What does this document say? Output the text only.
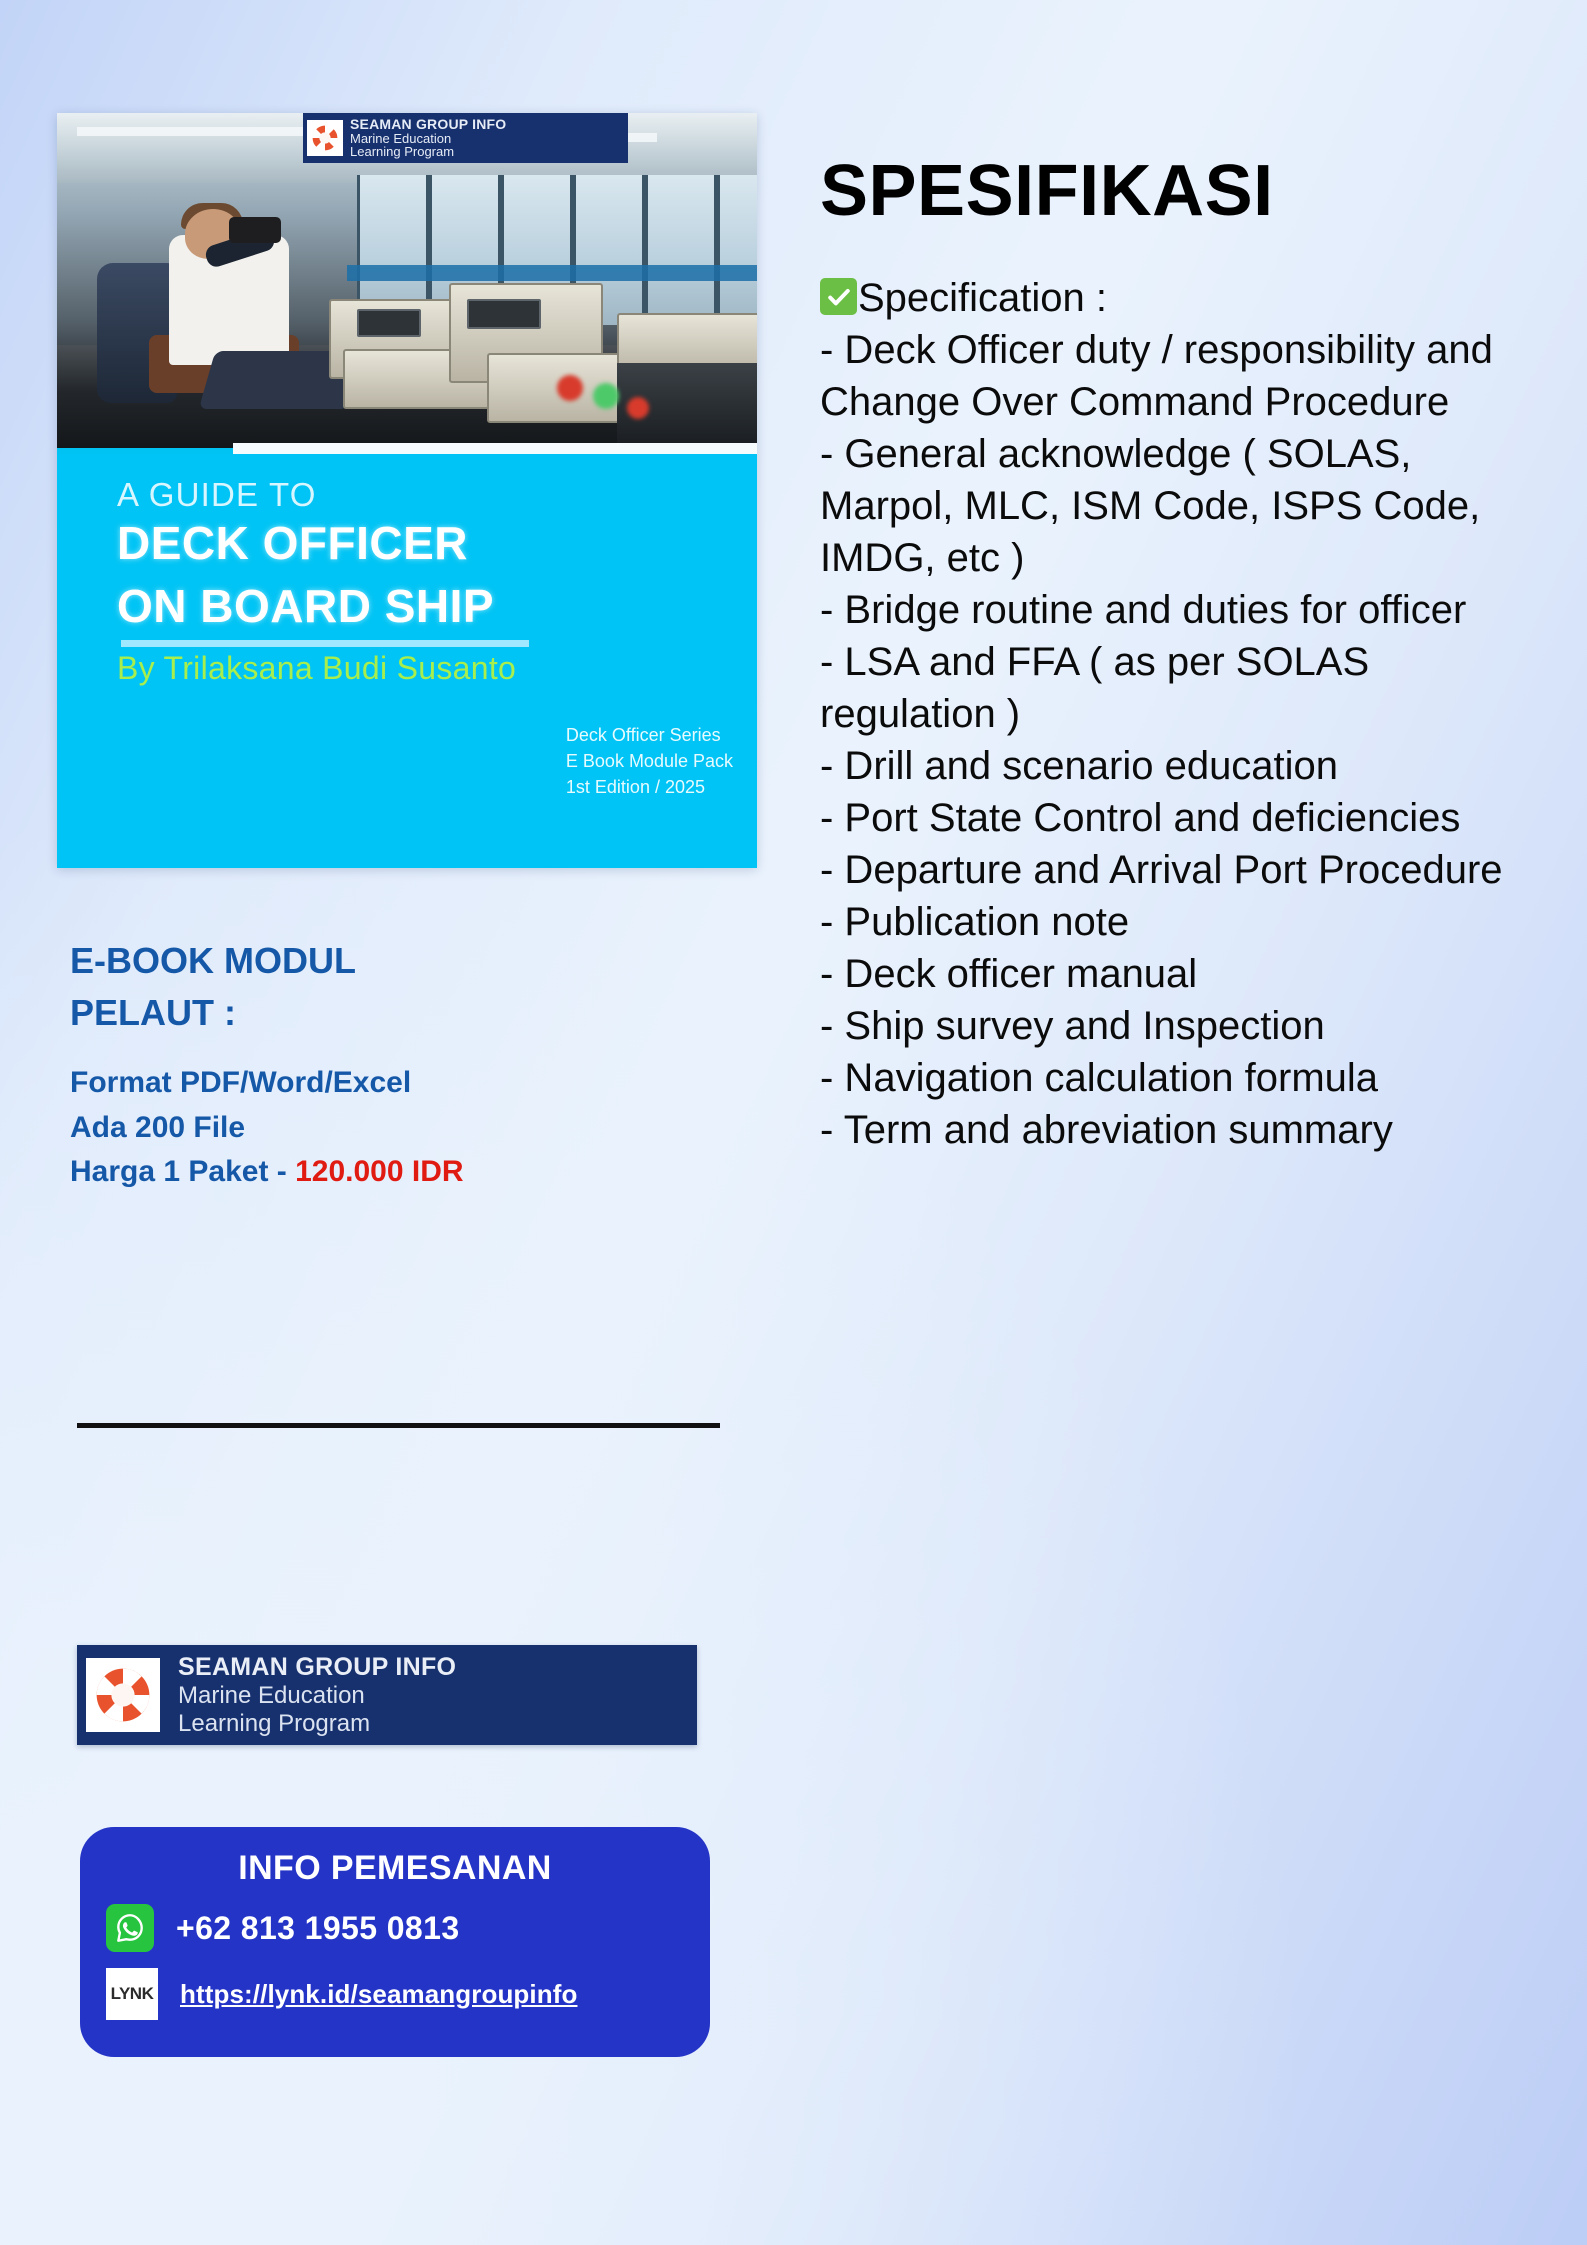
SEAMAN GROUP INFO
Marine Education
Learning Program
A GUIDE TO
DECK OFFICER
ON BOARD SHIP
By Trilaksana Budi Susanto
Deck Officer Series
E Book Module Pack
1st Edition / 2025
E-BOOK MODUL
PELAUT :
Format PDF/Word/Excel
Ada 200 File
Harga 1 Paket - 120.000 IDR
SEAMAN GROUP INFO
Marine Education
Learning Program
INFO PEMESANAN
+62 813 1955 0813
LYNK https://lynk.id/seamangroupinfo
SPESIFIKASI
Specification :
- Deck Officer duty / responsibility and Change Over Command Procedure
- General acknowledge ( SOLAS, Marpol, MLC, ISM Code, ISPS Code, IMDG, etc )
- Bridge routine and duties for officer
- LSA and FFA ( as per SOLAS regulation )
- Drill and scenario education
- Port State Control and deficiencies
- Departure and Arrival Port Procedure
- Publication note
- Deck officer manual
- Ship survey and Inspection
- Navigation calculation formula
- Term and abreviation summary
